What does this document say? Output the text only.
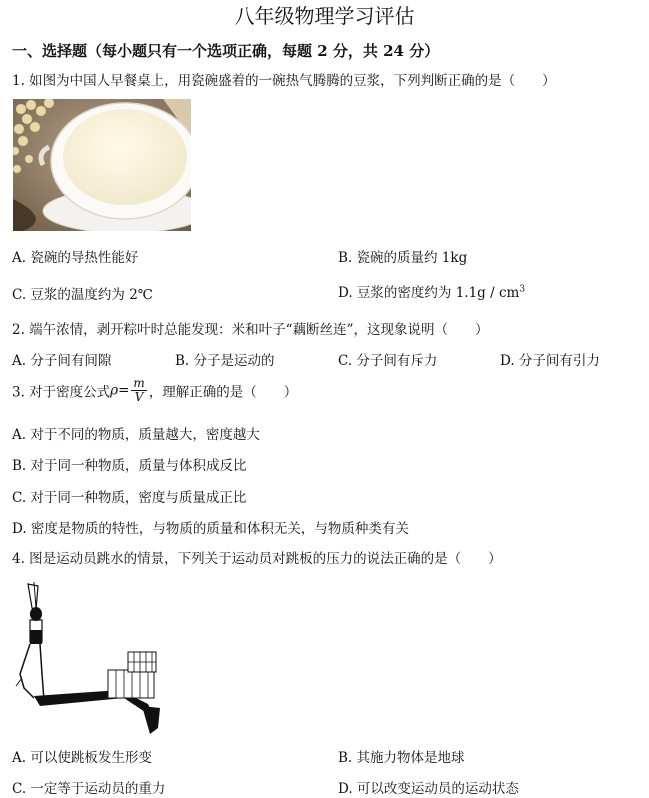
八年级物理学习评估
一、选择题（每小题只有一个选项正确，每题 2 分，共 24 分）
1. 如图为中国人早餐桌上，用瓷碗盛着的一碗热气腾腾的豆浆，下列判断正确的是（　　）
A. 瓷碗的导热性能好	B. 瓷碗的质量约 1kg
C. 豆浆的温度约为 2℃	D. 豆浆的密度约为 $1.1g / cm^3$
2. 端午浓情，剥开粽叶时总能发现：米和叶子“藕断丝连”，这现象说明（　　）
A. 分子间有间隙	B. 分子是运动的	C. 分子间有斥力	D. 分子间有引力
3. 对于密度公式$\rho= \frac{m}{V}$ ，理解正确的是（　　）
A. 对于不同的物质，质量越大，密度越大
B. 对于同一种物质，质量与体积成反比
C. 对于同一种物质，密度与质量成正比
D. 密度是物质的特性，与物质的质量和体积无关，与物质种类有关
4. 图是运动员跳水的情景，下列关于运动员对跳板的压力的说法正确的是（　　）
A. 可以使跳板发生形变	B. 其施力物体是地球
C. 一定等于运动员的重力	D. 可以改变运动员的运动状态
